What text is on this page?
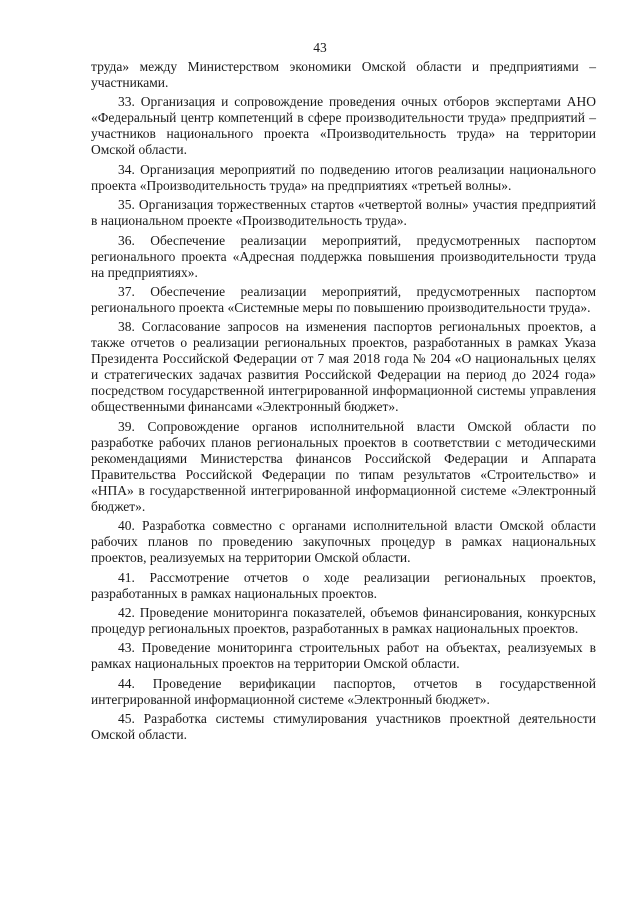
43

труда» между Министерством экономики Омской области и предприятиями – участниками.

33. Организация и сопровождение проведения очных отборов экспертами АНО «Федеральный центр компетенций в сфере производительности труда» предприятий – участников национального проекта «Производительность труда» на территории Омской области.

34. Организация мероприятий по подведению итогов реализации национального проекта «Производительность труда» на предприятиях «третьей волны».

35. Организация торжественных стартов «четвертой волны» участия предприятий в национальном проекте «Производительность труда».

36. Обеспечение реализации мероприятий, предусмотренных паспортом регионального проекта «Адресная поддержка повышения производительности труда на предприятиях».

37. Обеспечение реализации мероприятий, предусмотренных паспортом регионального проекта «Системные меры по повышению производительности труда».

38. Согласование запросов на изменения паспортов региональных проектов, а также отчетов о реализации региональных проектов, разработанных в рамках Указа Президента Российской Федерации от 7 мая 2018 года № 204 «О национальных целях и стратегических задачах развития Российской Федерации на период до 2024 года» посредством государственной интегрированной информационной системы управления общественными финансами «Электронный бюджет».

39. Сопровождение органов исполнительной власти Омской области по разработке рабочих планов региональных проектов в соответствии с методическими рекомендациями Министерства финансов Российской Федерации и Аппарата Правительства Российской Федерации по типам результатов «Строительство» и «НПА» в государственной интегрированной информационной системе «Электронный бюджет».

40. Разработка совместно с органами исполнительной власти Омской области рабочих планов по проведению закупочных процедур в рамках национальных проектов, реализуемых на территории Омской области.

41. Рассмотрение отчетов о ходе реализации региональных проектов, разработанных в рамках национальных проектов.

42. Проведение мониторинга показателей, объемов финансирования, конкурсных процедур региональных проектов, разработанных в рамках национальных проектов.

43. Проведение мониторинга строительных работ на объектах, реализуемых в рамках национальных проектов на территории Омской области.

44. Проведение верификации паспортов, отчетов в государственной интегрированной информационной системе «Электронный бюджет».

45. Разработка системы стимулирования участников проектной деятельности Омской области.
